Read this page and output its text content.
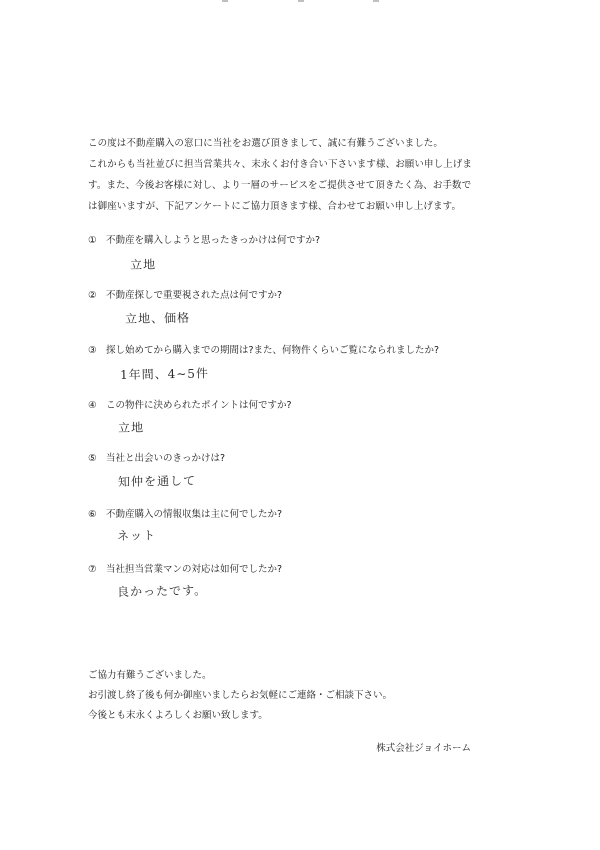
この度は不動産購入の窓口に当社をお選び頂きまして、誠に有難うございました。

これからも当社並びに担当営業共々、末永くお付き合い下さいます様、お願い申し上げま

す。また、今後お客様に対し、より一層のサービスをご提供させて頂きたく為、お手数で

は御座いますが、下記アンケートにご協力頂きます様、合わせてお願い申し上げます。

① 不動産を購入しようと思ったきっかけは何ですか?
立地
② 不動産探しで重要視された点は何ですか?
立地、価格
③ 探し始めてから購入までの期間は?また、何物件くらいご覧になられましたか?
1年間、4~5件
④ この物件に決められたポイントは何ですか?
立地
⑤ 当社と出会いのきっかけは?
知仲を通して
⑥ 不動産購入の情報収集は主に何でしたか?
ネット
⑦ 当社担当営業マンの対応は如何でしたか?
良かったです。

ご協力有難うございました。

お引渡し終了後も何か御座いましたらお気軽にご連絡・ご相談下さい。

今後とも末永くよろしくお願い致します。

株式会社ジョイホーム
